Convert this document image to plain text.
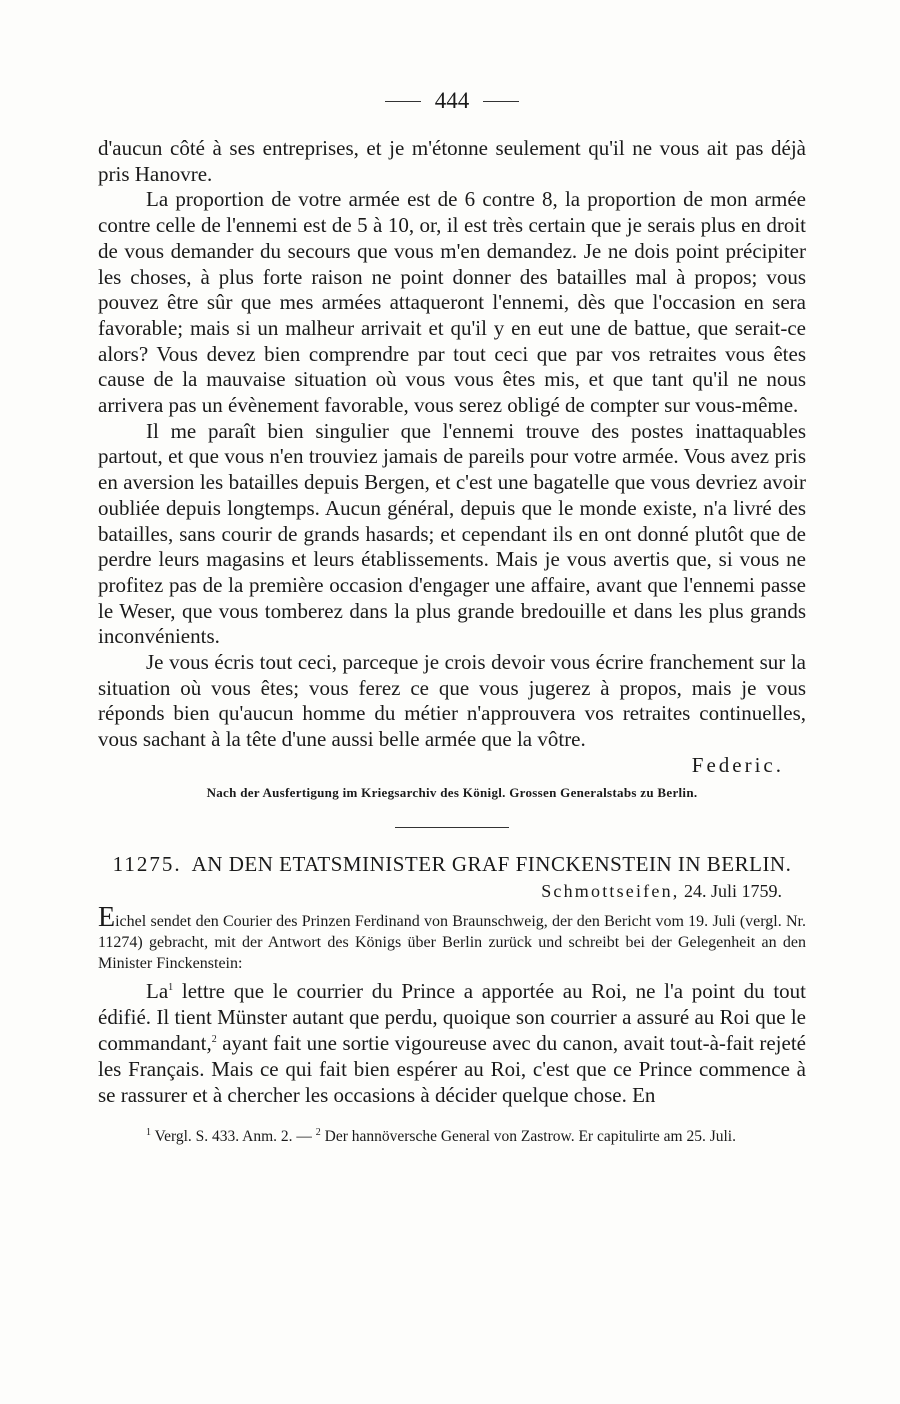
444

d'aucun côté à ses entreprises, et je m'étonne seulement qu'il ne vous ait pas déjà pris Hanovre.

La proportion de votre armée est de 6 contre 8, la proportion de mon armée contre celle de l'ennemi est de 5 à 10, or, il est très certain que je serais plus en droit de vous demander du secours que vous m'en demandez. Je ne dois point précipiter les choses, à plus forte raison ne point donner des batailles mal à propos; vous pouvez être sûr que mes armées attaqueront l'ennemi, dès que l'occasion en sera favorable; mais si un malheur arrivait et qu'il y en eut une de battue, que serait-ce alors? Vous devez bien comprendre par tout ceci que par vos retraites vous êtes cause de la mauvaise situation où vous vous êtes mis, et que tant qu'il ne nous arrivera pas un évènement favorable, vous serez obligé de compter sur vous-même.

Il me paraît bien singulier que l'ennemi trouve des postes inattaquables partout, et que vous n'en trouviez jamais de pareils pour votre armée. Vous avez pris en aversion les batailles depuis Bergen, et c'est une bagatelle que vous devriez avoir oubliée depuis longtemps. Aucun général, depuis que le monde existe, n'a livré des batailles, sans courir de grands hasards; et cependant ils en ont donné plutôt que de perdre leurs magasins et leurs établissements. Mais je vous avertis que, si vous ne profitez pas de la première occasion d'engager une affaire, avant que l'ennemi passe le Weser, que vous tomberez dans la plus grande bredouille et dans les plus grands inconvénients.

Je vous écris tout ceci, parceque je crois devoir vous écrire franchement sur la situation où vous êtes; vous ferez ce que vous jugerez à propos, mais je vous réponds bien qu'aucun homme du métier n'approuvera vos retraites continuelles, vous sachant à la tête d'une aussi belle armée que la vôtre.

Federic.
Nach der Ausfertigung im Kriegsarchiv des Königl. Grossen Generalstabs zu Berlin.
11275. AN DEN ETATSMINISTER GRAF FINCKENSTEIN IN BERLIN.
Schmottseifen, 24. Juli 1759.
Eichel sendet den Courier des Prinzen Ferdinand von Braunschweig, der den Bericht vom 19. Juli (vergl. Nr. 11274) gebracht, mit der Antwort des Königs über Berlin zurück und schreibt bei der Gelegenheit an den Minister Finckenstein:

La$^1$ lettre que le courrier du Prince a apportée au Roi, ne l'a point du tout édifié. Il tient Münster autant que perdu, quoique son courrier a assuré au Roi que le commandant,$^2$ ayant fait une sortie vigoureuse avec du canon, avait tout-à-fait rejeté les Français. Mais ce qui fait bien espérer au Roi, c'est que ce Prince commence à se rassurer et à chercher les occasions à décider quelque chose. En

$^1$ Vergl. S. 433. Anm. 2. — $^2$ Der hannöversche General von Zastrow. Er capitulirte am 25. Juli.
